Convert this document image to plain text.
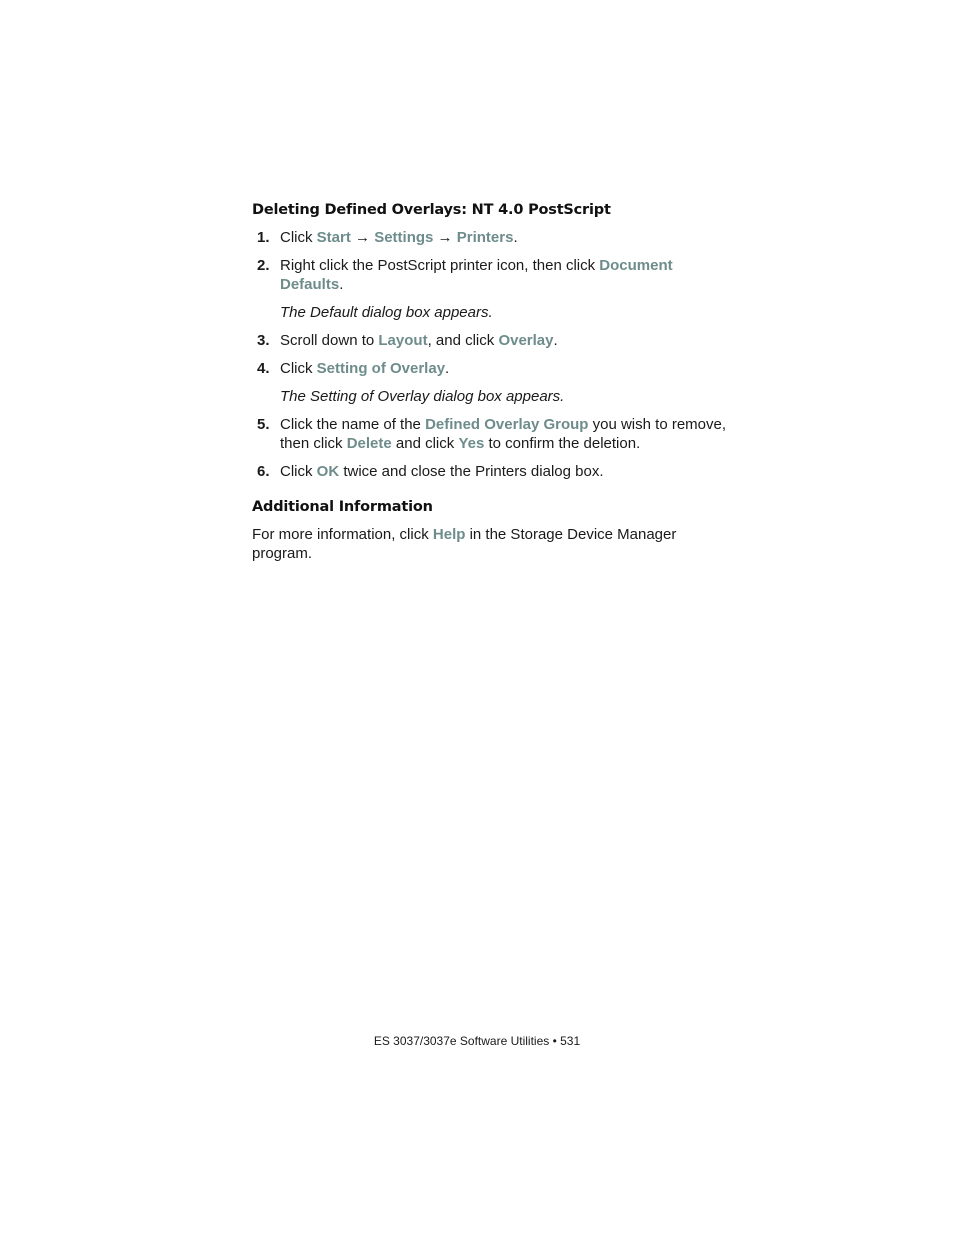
Deleting Defined Overlays: NT 4.0 PostScript
1. Click Start → Settings → Printers.
2. Right click the PostScript printer icon, then click Document Defaults.
The Default dialog box appears.
3. Scroll down to Layout, and click Overlay.
4. Click Setting of Overlay.
The Setting of Overlay dialog box appears.
5. Click the name of the Defined Overlay Group you wish to remove, then click Delete and click Yes to confirm the deletion.
6. Click OK twice and close the Printers dialog box.
Additional Information

For more information, click Help in the Storage Device Manager program.

ES 3037/3037e Software Utilities • 531
